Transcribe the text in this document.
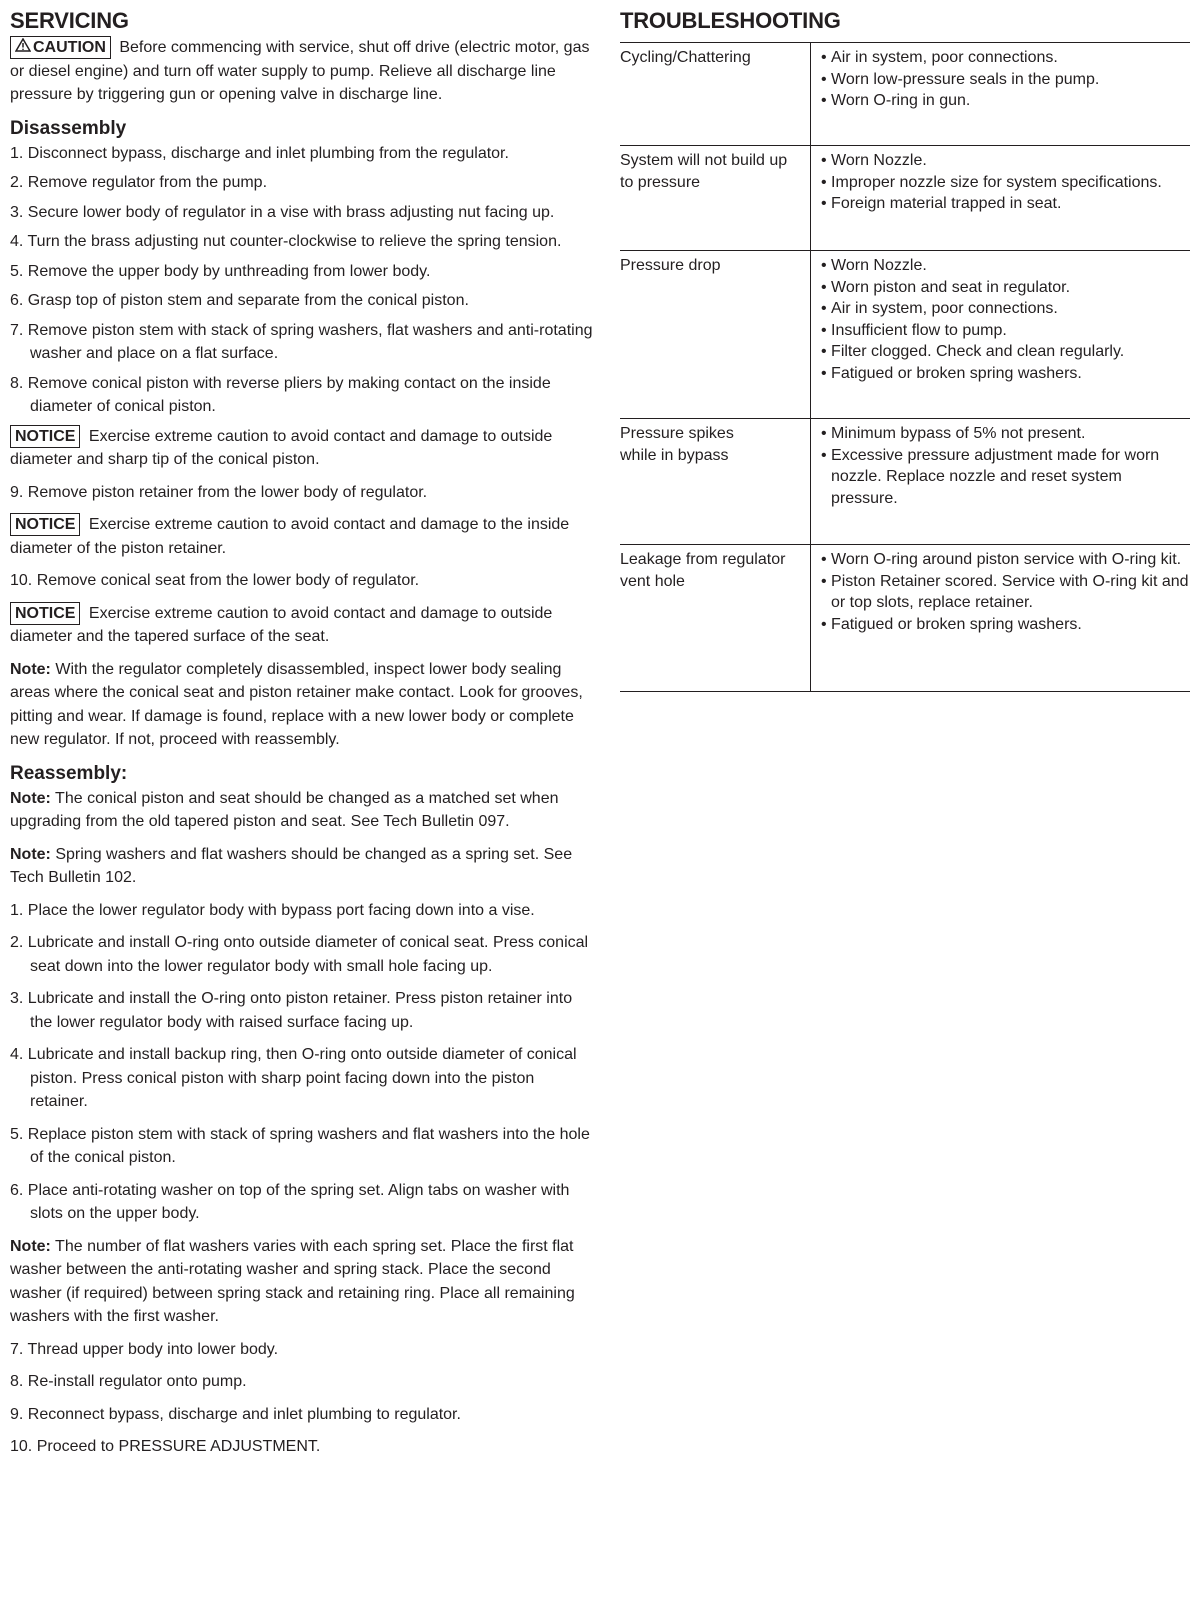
SERVICING

CAUTION Before commencing with service, shut off drive (electric motor, gas or diesel engine) and turn off water supply to pump. Relieve all discharge line pressure by triggering gun or opening valve in discharge line.

Disassembly

1. Disconnect bypass, discharge and inlet plumbing from the regulator.

2. Remove regulator from the pump.

3. Secure lower body of regulator in a vise with brass adjusting nut facing up.

4. Turn the brass adjusting nut counter-clockwise to relieve the spring tension.

5. Remove the upper body by unthreading from lower body.

6. Grasp top of piston stem and separate from the conical piston.

7. Remove piston stem with stack of spring washers, flat washers and anti-rotating washer and place on a flat surface.

8. Remove conical piston with reverse pliers by making contact on the inside diameter of conical piston.

NOTICE Exercise extreme caution to avoid contact and damage to outside diameter and sharp tip of the conical piston.

9. Remove piston retainer from the lower body of regulator.

NOTICE Exercise extreme caution to avoid contact and damage to the inside diameter of the piston retainer.

10. Remove conical seat from the lower body of regulator.

NOTICE Exercise extreme caution to avoid contact and damage to outside diameter and the tapered surface of the seat.

Note: With the regulator completely disassembled, inspect lower body sealing areas where the conical seat and piston retainer make contact. Look for grooves, pitting and wear. If damage is found, replace with a new lower body or complete new regulator. If not, proceed with reassembly.

Reassembly:

Note: The conical piston and seat should be changed as a matched set when upgrading from the old tapered piston and seat. See Tech Bulletin 097.

Note: Spring washers and flat washers should be changed as a spring set. See Tech Bulletin 102.

1. Place the lower regulator body with bypass port facing down into a vise.

2. Lubricate and install O-ring onto outside diameter of conical seat. Press conical seat down into the lower regulator body with small hole facing up.

3. Lubricate and install the O-ring onto piston retainer. Press piston retainer into the lower regulator body with raised surface facing up.

4. Lubricate and install backup ring, then O-ring onto outside diameter of conical piston. Press conical piston with sharp point facing down into the piston retainer.

5. Replace piston stem with stack of spring washers and flat washers into the hole of the conical piston.

6. Place anti-rotating washer on top of the spring set. Align tabs on washer with slots on the upper body.

Note: The number of flat washers varies with each spring set. Place the first flat washer between the anti-rotating washer and spring stack. Place the second washer (if required) between spring stack and retaining ring. Place all remaining washers with the first washer.

7. Thread upper body into lower body.

8. Re-install regulator onto pump.

9. Reconnect bypass, discharge and inlet plumbing to regulator.

10. Proceed to PRESSURE ADJUSTMENT.

TROUBLESHOOTING
Cycling/Chattering	• Air in system, poor connections.
• Worn low-pressure seals in the pump.
• Worn O-ring in gun.
System will not build up to pressure
• Worn Nozzle.
• Improper nozzle size for system specifications.
• Foreign material trapped in seat.
Pressure drop	• Worn Nozzle.
• Worn piston and seat in regulator.
• Air in system, poor connections.
• Insufficient flow to pump.
• Filter clogged. Check and clean regularly.
• Fatigued or broken spring washers.
Pressure spikes while in bypass
• Minimum bypass of 5% not present.
• Excessive pressure adjustment made for worn nozzle. Replace nozzle and reset system pressure.
Leakage from regulator vent hole
• Worn O-ring around piston service with O-ring kit.
• Piston Retainer scored. Service with O-ring kit and or top slots, replace retainer.
• Fatigued or broken spring washers.
